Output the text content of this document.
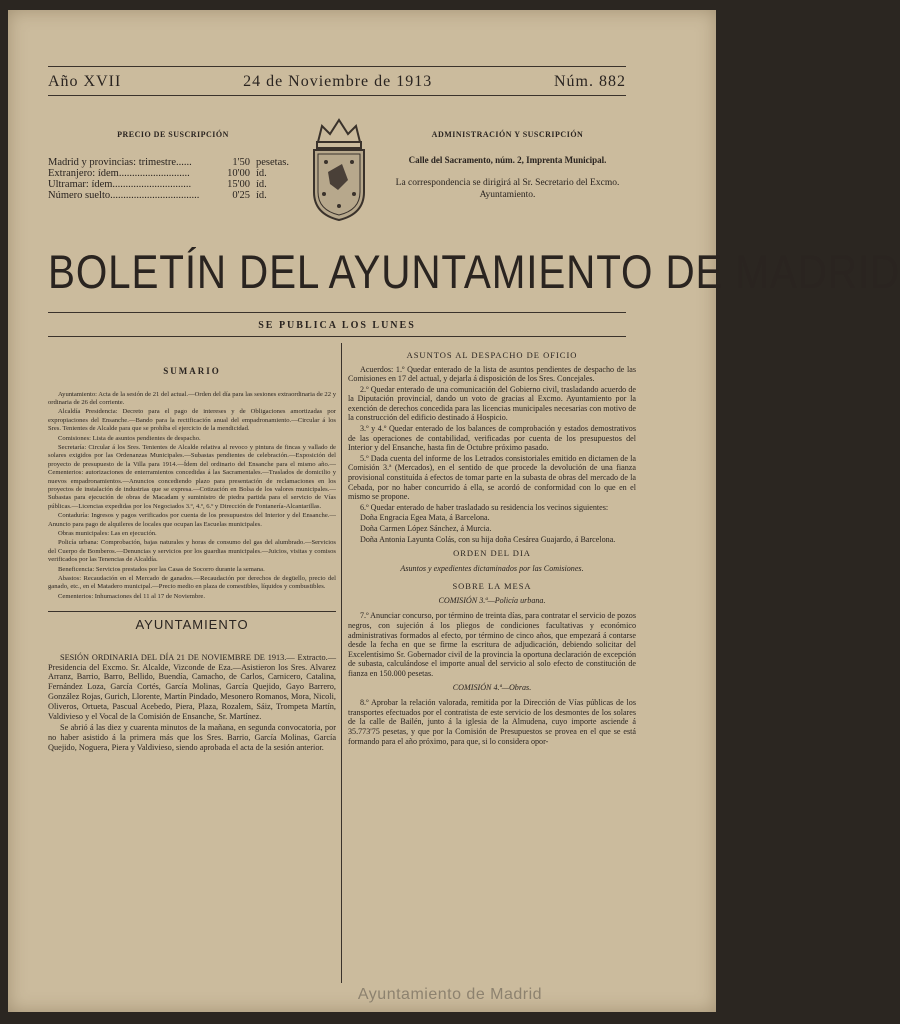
Año XVII	24 de Noviembre de 1913	Núm. 882
PRECIO DE SUSCRIPCIÓN
Madrid y provincias: trimestre......	1'50 pesetas.
Extranjero: ídem...........................	10'00 íd.
Ultramar: ídem..............................	15'00 íd.
Número suelto..................................	0'25 íd.
ADMINISTRACIÓN Y SUSCRIPCIÓN
Calle del Sacramento, núm. 2, Imprenta Municipal.
La correspondencia se dirigirá al Sr. Secretario del Excmo. Ayuntamiento.
BOLETÍN DEL AYUNTAMIENTO DE MADRID
SE PUBLICA LOS LUNES
SUMARIO

Ayuntamiento: Acta de la sesión de 21 del actual.—Orden del día para las sesiones extraordinaria de 22 y ordinaria de 26 del corriente.

Alcaldía Presidencia: Decreto para el pago de intereses y de Obligaciones amortizadas por expropiaciones del Ensanche.—Bando para la rectificación anual del empadronamiento.—Circular á los Sres. Tenientes de Alcalde para que se prohíba el ejercicio de la mendicidad.

Comisiones: Lista de asuntos pendientes de despacho.

Secretaría: Circular á los Sres. Tenientes de Alcalde relativa al revoco y pintura de fincas y vallado de solares exigidos por las Ordenanzas Municipales.—Subastas pendientes de celebración.—Exposición del proyecto de presupuesto de la Villa para 1914.—Ídem del ordinario del Ensanche para el mismo año.—Cementerios: autorizaciones de enterramientos concedidas á las Sacramentales.—Traslados de domicilio y nuevos empadronamientos.—Anuncios concediendo plazo para presentación de reclamaciones en los proyectos de instalación de industrias que se expresa.—Cotización en Bolsa de los valores municipales.—Subastas para ejecución de obras de Macadam y suministro de piedra partida para el servicio de Vías públicas.—Licencias expedidas por los Negociados 3.º, 4.º, 6.º y Dirección de Fontanería-Alcantarillas.

Contaduría: Ingresos y pagos verificados por cuenta de los presupuestos del Interior y del Ensanche.—Anuncio para pago de alquileres de locales que ocupan las Escuelas municipales.

Obras municipales: Las en ejecución.

Policía urbana: Comprobación, bajas naturales y horas de consumo del gas del alumbrado.—Servicios del Cuerpo de Bomberos.—Denuncias y servicios por los guardias municipales.—Juicios, visitas y comisos verificados por las Tenencias de Alcaldía.

Beneficencia: Servicios prestados por las Casas de Socorro durante la semana.

Abastos: Recaudación en el Mercado de ganados.—Recaudación por derechos de degüello, precio del ganado, etc., en el Matadero municipal.—Precio medio en plaza de comestibles, líquidos y combustibles.

Cementerios: Inhumaciones del 11 al 17 de Noviembre.

AYUNTAMIENTO

SESIÓN ORDINARIA DEL DÍA 21 DE NOVIEMBRE DE 1913.— Extracto.—Presidencia del Excmo. Sr. Alcalde, Vizconde de Eza.—Asistieron los Sres. Alvarez Arranz, Barrio, Barro, Bellido, Buendía, Camacho, de Carlos, Carnicero, Catalina, Fernández Loza, García Cortés, García Molinas, García Quejido, Gayo Barrero, González Rojas, Gurich, Llorente, Martín Pindado, Mesonero Romanos, Mora, Nicoli, Oliveros, Ortueta, Pascual Acebedo, Piera, Plaza, Rozalem, Sáiz, Trompeta Martín, Valdivieso y el Vocal de la Comisión de Ensanche, Sr. Martínez.

Se abrió á las diez y cuarenta minutos de la mañana, en segunda convocatoria, por no haber asistido á la primera más que los Sres. Barrio, García Molinas, García Quejido, Noguera, Piera y Valdivieso, siendo aprobada el acta de la sesión anterior.

ASUNTOS AL DESPACHO DE OFICIO

Acuerdos: 1.º Quedar enterado de la lista de asuntos pendientes de despacho de las Comisiones en 17 del actual, y dejarla á disposición de los Sres. Concejales.

2.º Quedar enterado de una comunicación del Gobierno civil, trasladando acuerdo de la Diputación provincial, dando un voto de gracias al Excmo. Ayuntamiento por la exención de derechos concedida para las licencias municipales necesarias con motivo de la construcción del edificio destinado á Hospicio.

3.º y 4.º Quedar enterado de los balances de comprobación y estados demostrativos de las operaciones de contabilidad, verificadas por cuenta de los presupuestos del Interior y del Ensanche, hasta fin de Octubre próximo pasado.

5.º Dada cuenta del informe de los Letrados consistoriales emitido en dictamen de la Comisión 3.ª (Mercados), en el sentido de que procede la devolución de una fianza provisional constituída á efectos de tomar parte en la subasta de obras del mercado de la Cebada, por no haber concurrido á ella, se acordó de conformidad con lo que en el mismo se propone.

6.º Quedar enterado de haber trasladado su residencia los vecinos siguientes:

Doña Engracia Egea Mata, á Barcelona.

Doña Carmen López Sánchez, á Murcia.

Doña Antonia Layunta Colás, con su hija doña Cesárea Guajardo, á Barcelona.

ORDEN DEL DIA

Asuntos y expedientes dictaminados por las Comisiones.

SOBRE LA MESA

COMISIÓN 3.ª—Policía urbana.

7.º Anunciar concurso, por término de treinta días, para contratar el servicio de pozos negros, con sujeción á los pliegos de condiciones facultativas y económico administrativas formados al efecto, por término de cinco años, que empezará á contarse desde la fecha en que se firme la escritura de adjudicación, debiendo solicitar del Excelentísimo Sr. Gobernador civil de la provincia la oportuna declaración de excepción de subasta, calculándose el importe anual del servicio al solo efecto de constitución de fianza en 150.000 pesetas.

COMISIÓN 4.ª—Obras.

8.º Aprobar la relación valorada, remitida por la Dirección de Vías públicas de los transportes efectuados por el contratista de este servicio de los desmontes de los solares de la calle de Bailén, junto á la iglesia de la Almudena, cuyo importe asciende á 35.773'75 pesetas, y que por la Comisión de Presupuestos se provea en el que se está formando para el año próximo, para que, si lo considera opor-

Ayuntamiento de Madrid
